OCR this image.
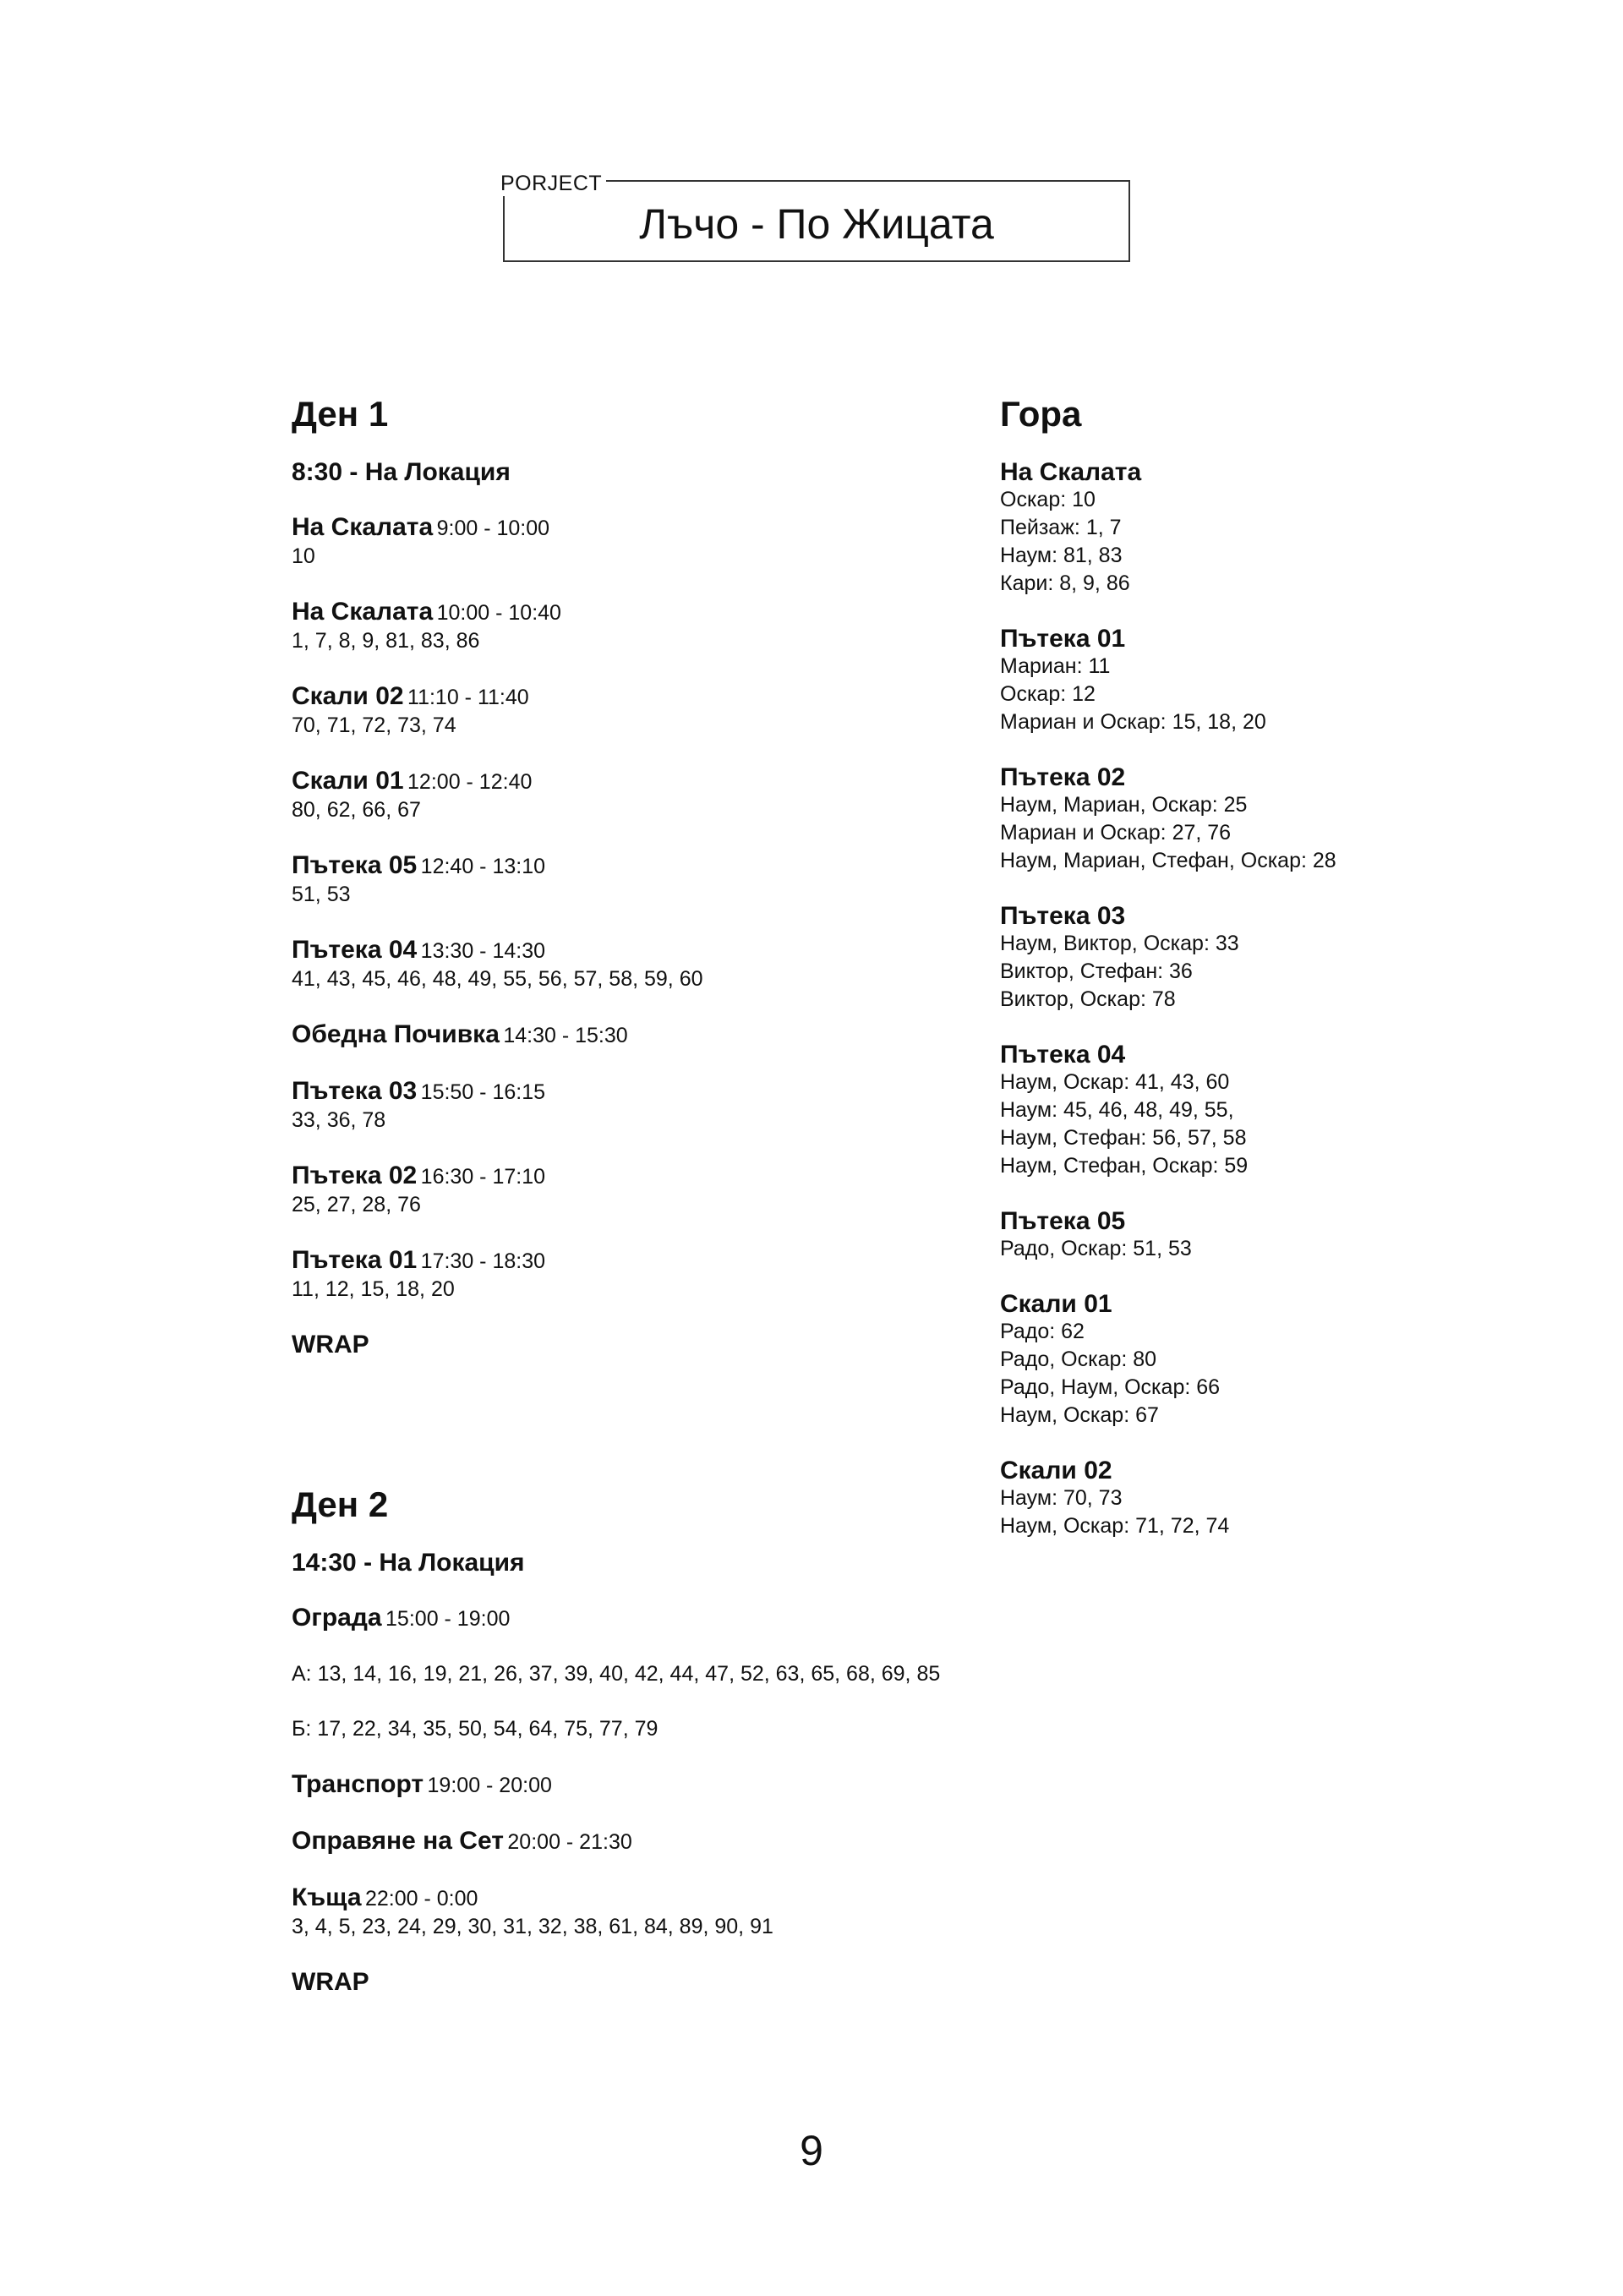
Лъчо - По Жицата
PORJECT
Ден 1
8:30 - На Локация
На Скалата 9:00 - 10:00
10
На Скалата 10:00 - 10:40
1, 7, 8, 9, 81, 83, 86
Скали 02 11:10 - 11:40
70, 71, 72, 73, 74
Скали 01 12:00 - 12:40
80, 62, 66, 67
Пътека 05 12:40 - 13:10
51, 53
Пътека 04 13:30 - 14:30
41, 43, 45, 46, 48, 49, 55, 56, 57, 58, 59, 60
Обедна Почивка 14:30 - 15:30
Пътека 03 15:50 - 16:15
33, 36, 78
Пътека 02 16:30 - 17:10
25, 27, 28, 76
Пътека 01 17:30 - 18:30
11, 12, 15, 18, 20
WRAP
Ден 2
14:30 - На Локация
Ограда 15:00 - 19:00
А: 13, 14, 16, 19, 21, 26, 37, 39, 40, 42, 44, 47, 52, 63, 65, 68, 69, 85
Б: 17, 22, 34, 35, 50, 54, 64, 75, 77, 79
Транспорт 19:00 - 20:00
Оправяне на Сет 20:00 - 21:30
Къща 22:00 - 0:00
3, 4, 5, 23, 24, 29, 30, 31, 32, 38, 61, 84, 89, 90, 91
WRAP
Гора
На Скалата
Оскар: 10
Пейзаж: 1, 7
Наум: 81, 83
Кари: 8, 9, 86
Пътека 01
Мариан: 11
Оскар: 12
Мариан и Оскар: 15, 18, 20
Пътека 02
Наум, Мариан, Оскар: 25
Мариан и Оскар: 27, 76
Наум, Мариан, Стефан, Оскар: 28
Пътека 03
Наум, Виктор, Оскар: 33
Виктор, Стефан: 36
Виктор, Оскар: 78
Пътека 04
Наум, Оскар: 41, 43, 60
Наум: 45, 46, 48, 49, 55,
Наум, Стефан: 56, 57, 58
Наум, Стефан, Оскар: 59
Пътека 05
Радо, Оскар: 51, 53
Скали 01
Радо: 62
Радо, Оскар: 80
Радо, Наум, Оскар: 66
Наум, Оскар: 67
Скали 02
Наум: 70, 73
Наум, Оскар: 71, 72, 74
9
